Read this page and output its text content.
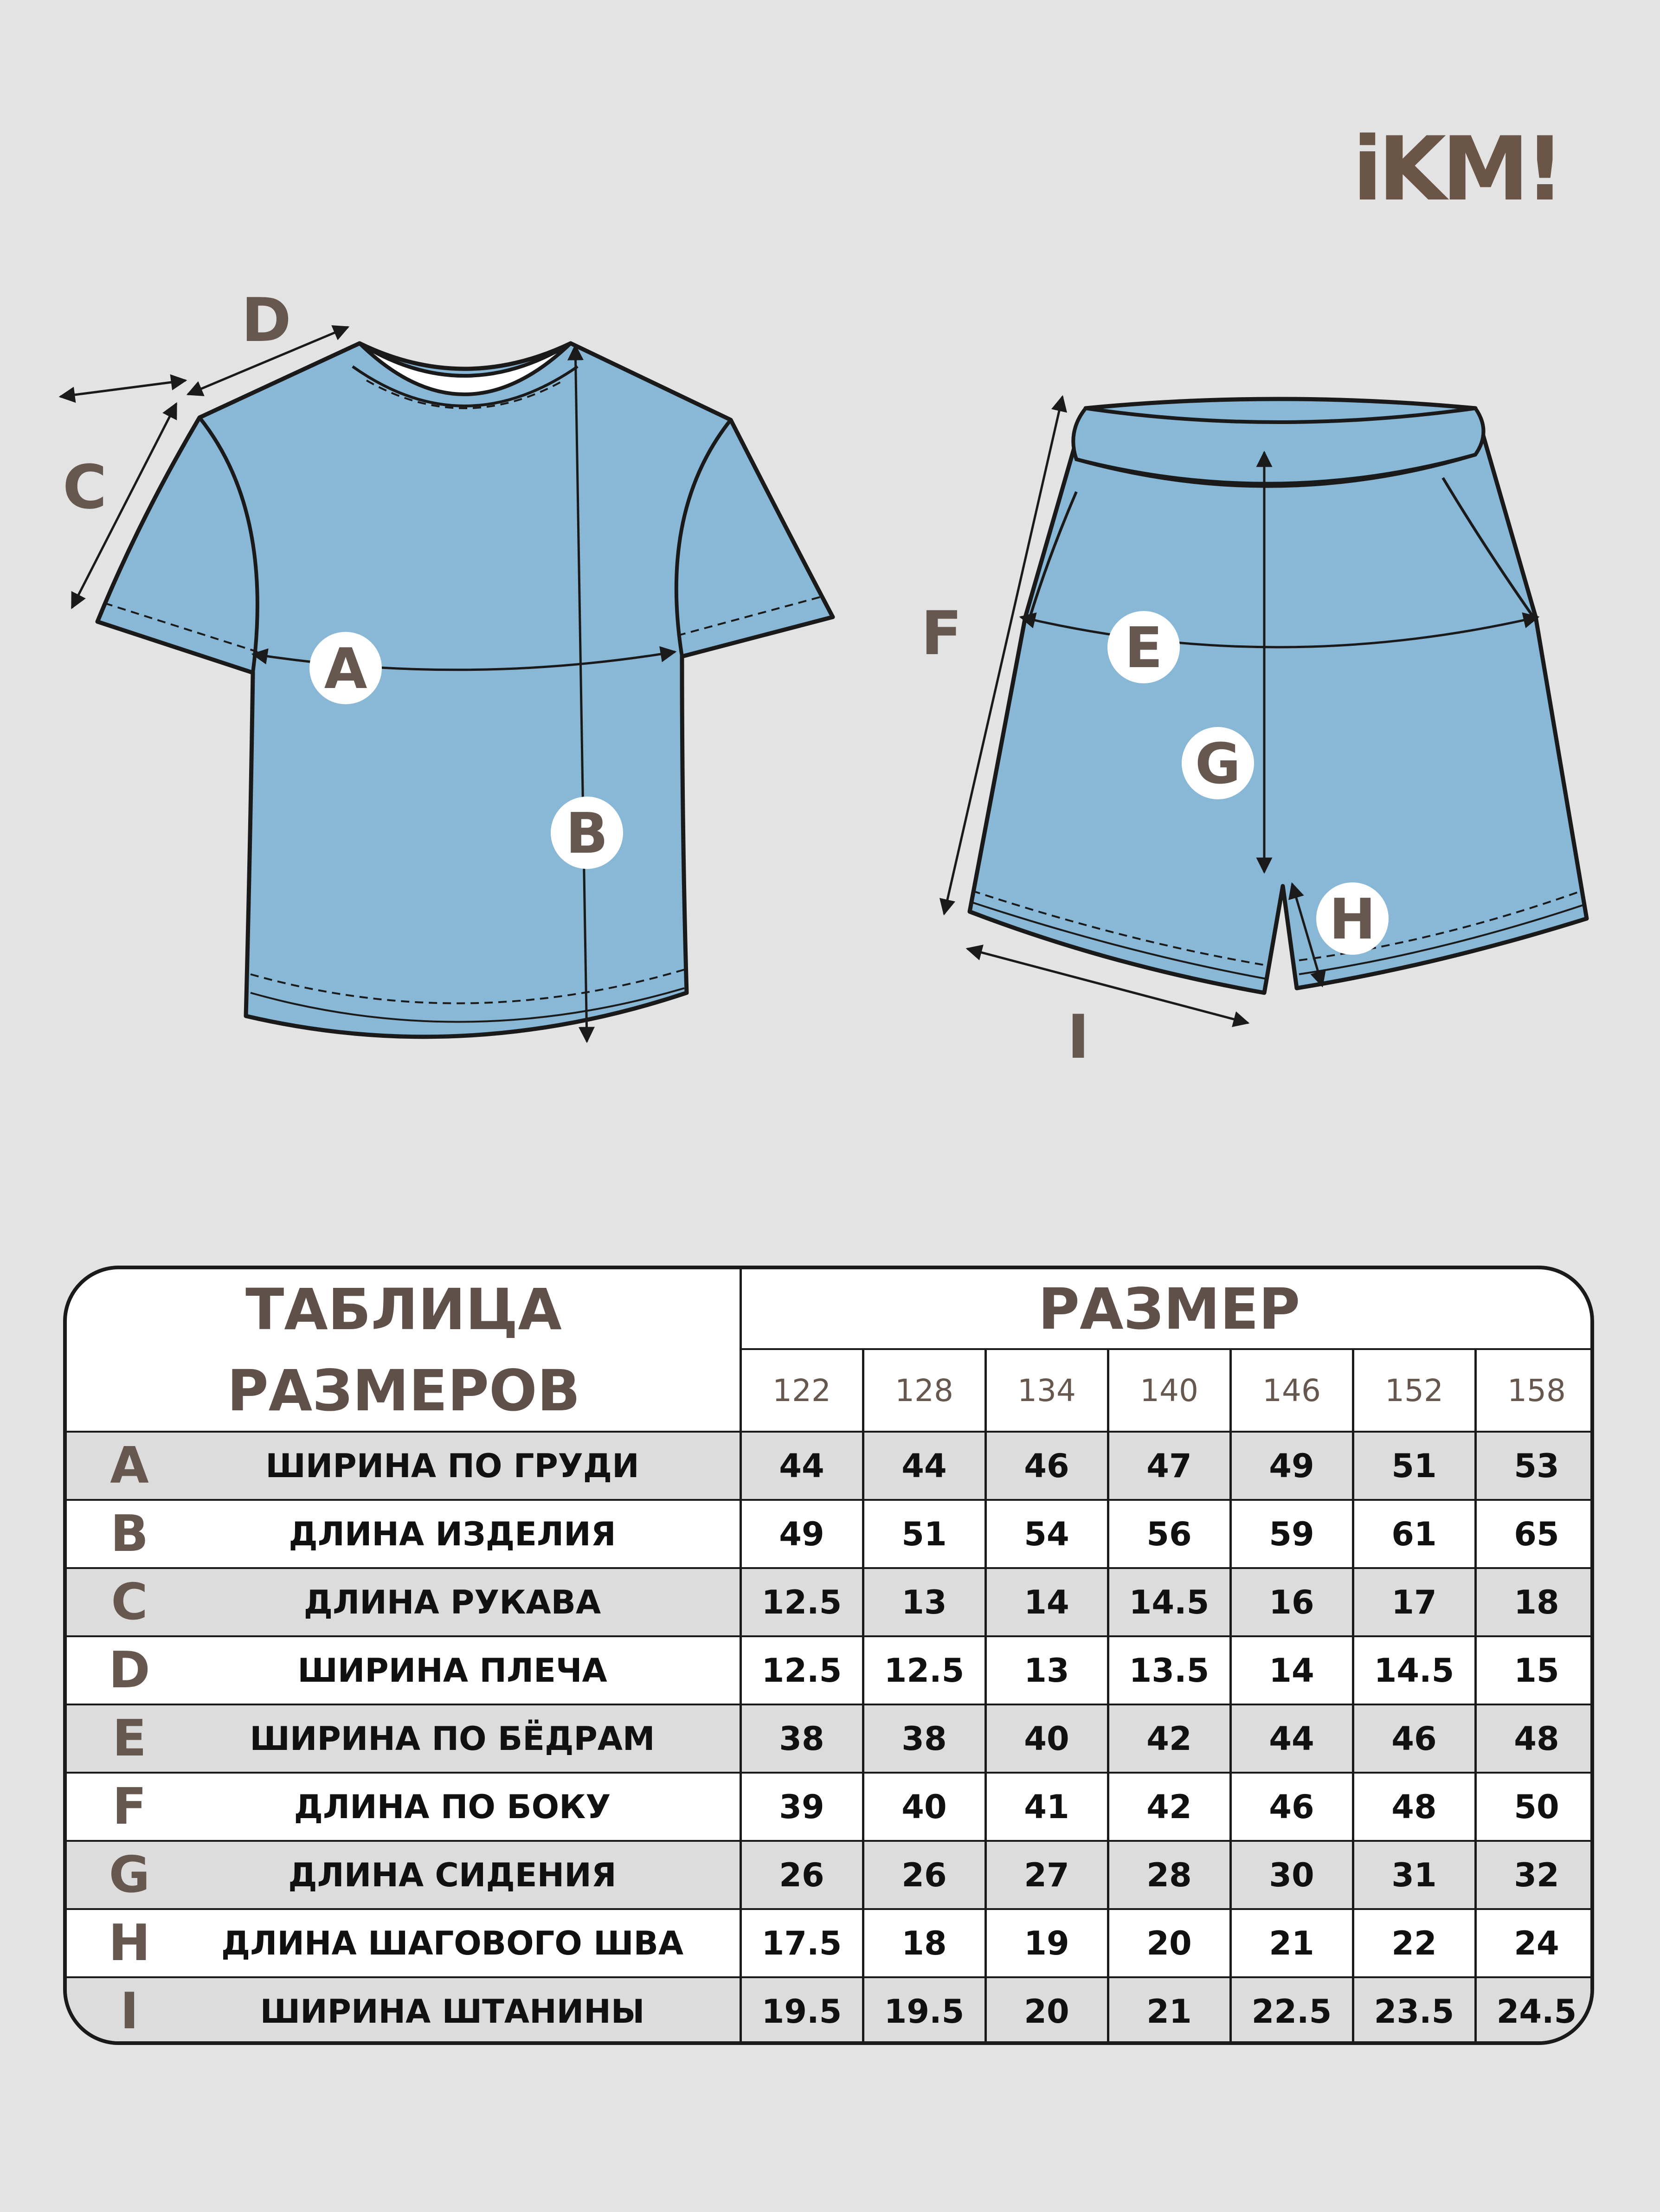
iKM!
D
C
F
I
A
B
E
G
H
ТАБЛИЦА
РАЗМЕРОВ
РАЗМЕР
122	128	134	140	146	152	158
A	ШИРИНА ПО ГРУДИ	44	44	46	47	49	51	53
B	ДЛИНА ИЗДЕЛИЯ	49	51	54	56	59	61	65
C	ДЛИНА РУКАВА	12.5	13	14	14.5	16	17	18
D	ШИРИНА ПЛЕЧА	12.5	12.5	13	13.5	14	14.5	15
E	ШИРИНА ПО БЁДРАМ	38	38	40	42	44	46	48
F	ДЛИНА ПО БОКУ	39	40	41	42	46	48	50
G	ДЛИНА СИДЕНИЯ	26	26	27	28	30	31	32
H	ДЛИНА ШАГОВОГО ШВА	17.5	18	19	20	21	22	24
I	ШИРИНА ШТАНИНЫ	19.5	19.5	20	21	22.5	23.5	24.5
